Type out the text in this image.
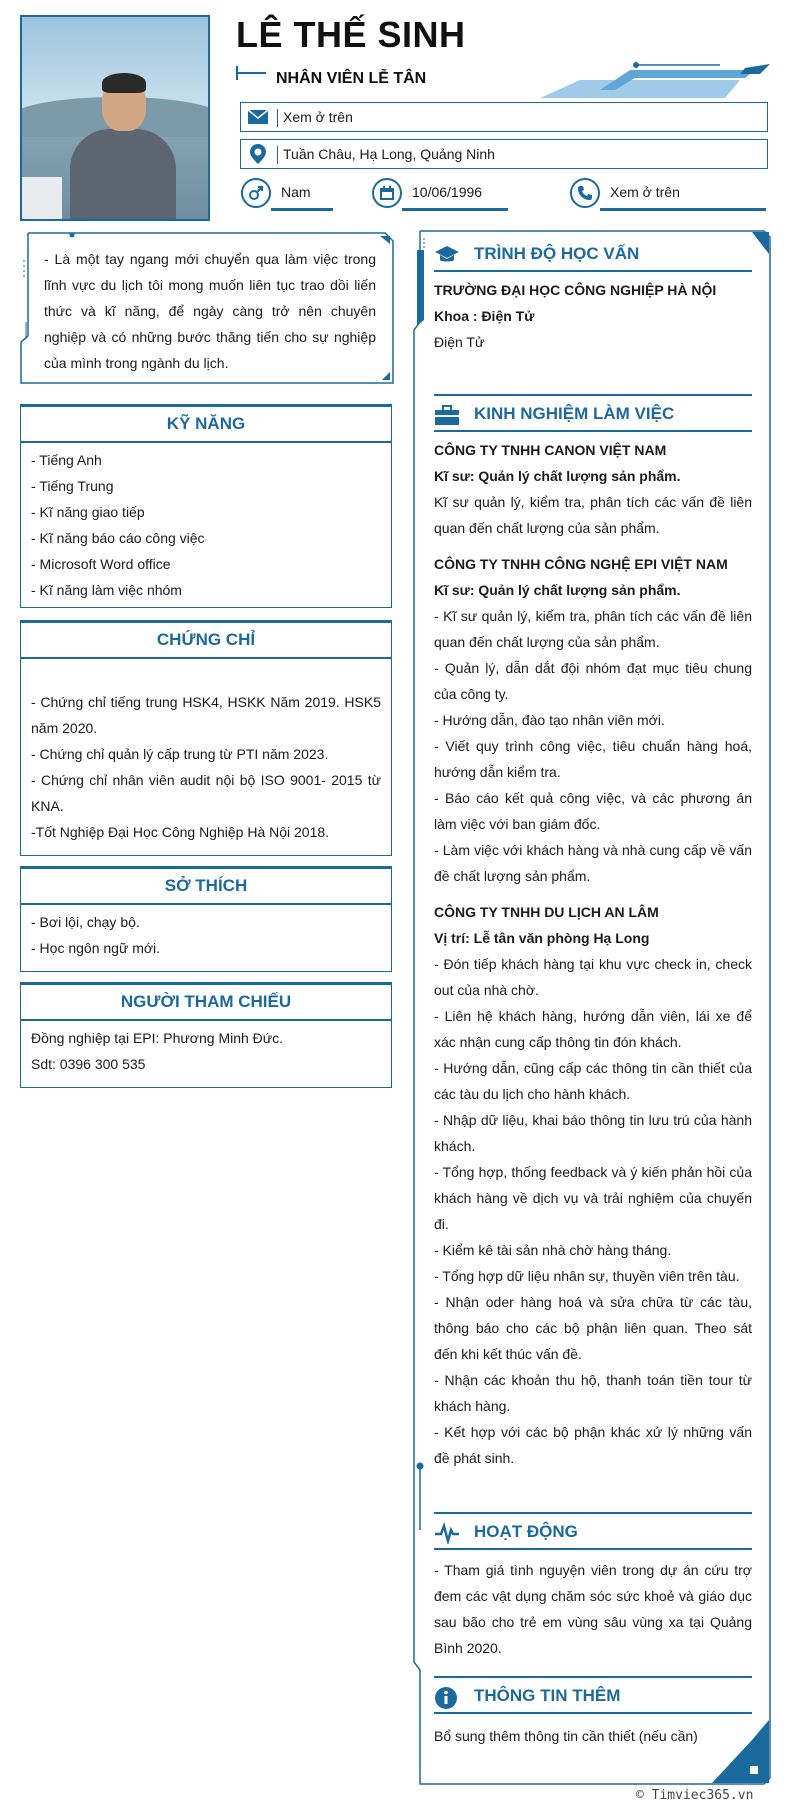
LÊ THẾ SINH
NHÂN VIÊN LỄ TÂN
Xem ở trên
Tuần Châu, Hạ Long, Quảng Ninh
Nam	10/06/1996	Xem ở trên
- Là một tay ngang mới chuyển qua làm việc trong lĩnh vực du lịch tôi mong muốn liên tục trao dồi liến thức và kĩ năng, để ngày càng trở nên chuyên nghiệp và có những bước thăng tiến cho sự nghiệp của mình trong ngành du lịch.
KỸ NĂNG
- Tiếng Anh
- Tiếng Trung
- Kĩ năng giao tiếp
- Kĩ năng báo cáo công việc
- Microsoft Word office
- Kĩ năng làm việc nhóm
CHỨNG CHỈ
- Chứng chỉ tiếng trung HSK4, HSKK Năm 2019. HSK5 năm 2020.
- Chứng chỉ quản lý cấp trung từ PTI năm 2023.
- Chứng chỉ nhân viên audit nội bộ ISO 9001- 2015 từ KNA.
-Tốt Nghiệp Đại Học Công Nghiệp Hà Nội 2018.
SỞ THÍCH
- Bơi lội, chạy bộ.
- Học ngôn ngữ mới.
NGƯỜI THAM CHIẾU
Đồng nghiệp tại EPI: Phương Minh Đức.
Sdt: 0396 300 535
TRÌNH ĐỘ HỌC VẤN
TRƯỜNG ĐẠI HỌC CÔNG NGHIỆP HÀ NỘI
Khoa : Điện Tử
Điện Tử
KINH NGHIỆM LÀM VIỆC
CÔNG TY TNHH CANON VIỆT NAM
Kĩ sư: Quản lý chất lượng sản phẩm.
Kĩ sư quản lý, kiểm tra, phân tích các vấn đề liên quan đến chất lượng của sản phẩm.
CÔNG TY TNHH CÔNG NGHỆ EPI VIỆT NAM
Kĩ sư: Quản lý chất lượng sản phẩm.
- Kĩ sư quản lý, kiểm tra, phân tích các vấn đề liên quan đến chất lượng của sản phẩm.
- Quản lý, dẫn dắt đội nhóm đạt mục tiêu chung của công ty.
- Hướng dẫn, đào tạo nhân viên mới.
- Viết quy trình công việc, tiêu chuẩn hàng hoá, hướng dẫn kiểm tra.
- Báo cáo kết quả công việc, và các phương án làm việc với ban giám đốc.
- Làm việc với khách hàng và nhà cung cấp về vấn đề chất lượng sản phẩm.
CÔNG TY TNHH DU LỊCH AN LÂM
Vị trí: Lễ tân văn phòng Hạ Long
- Đón tiếp khách hàng tại khu vực check in, check out của nhà chờ.
- Liên hệ khách hàng, hướng dẫn viên, lái xe để xác nhận cung cấp thông tin đón khách.
- Hướng dẫn, cũng cấp các thông tin cần thiết của các tàu du lịch cho hành khách.
- Nhập dữ liệu, khai báo thông tin lưu trú của hành khách.
- Tổng hợp, thống feedback và ý kiến phản hồi của khách hàng về dịch vụ và trải nghiệm của chuyến đi.
- Kiểm kê tài sản nhà chờ hàng tháng.
- Tổng hợp dữ liệu nhân sự, thuyền viên trên tàu.
- Nhận oder hàng hoá và sửa chữa từ các tàu, thông báo cho các bộ phận liên quan. Theo sát đến khi kết thúc vấn đề.
- Nhận các khoản thu hộ, thanh toán tiền tour từ khách hàng.
- Kết hợp với các bộ phận khác xử lý những vấn đề phát sinh.
HOẠT ĐỘNG
- Tham giá tình nguyện viên trong dự án cứu trợ đem các vật dụng chăm sóc sức khoẻ và giáo dục sau bão cho trẻ em vùng sâu vùng xa tại Quảng Bình 2020.
THÔNG TIN THÊM
Bổ sung thêm thông tin cần thiết (nếu cần)
© Timviec365.vn
